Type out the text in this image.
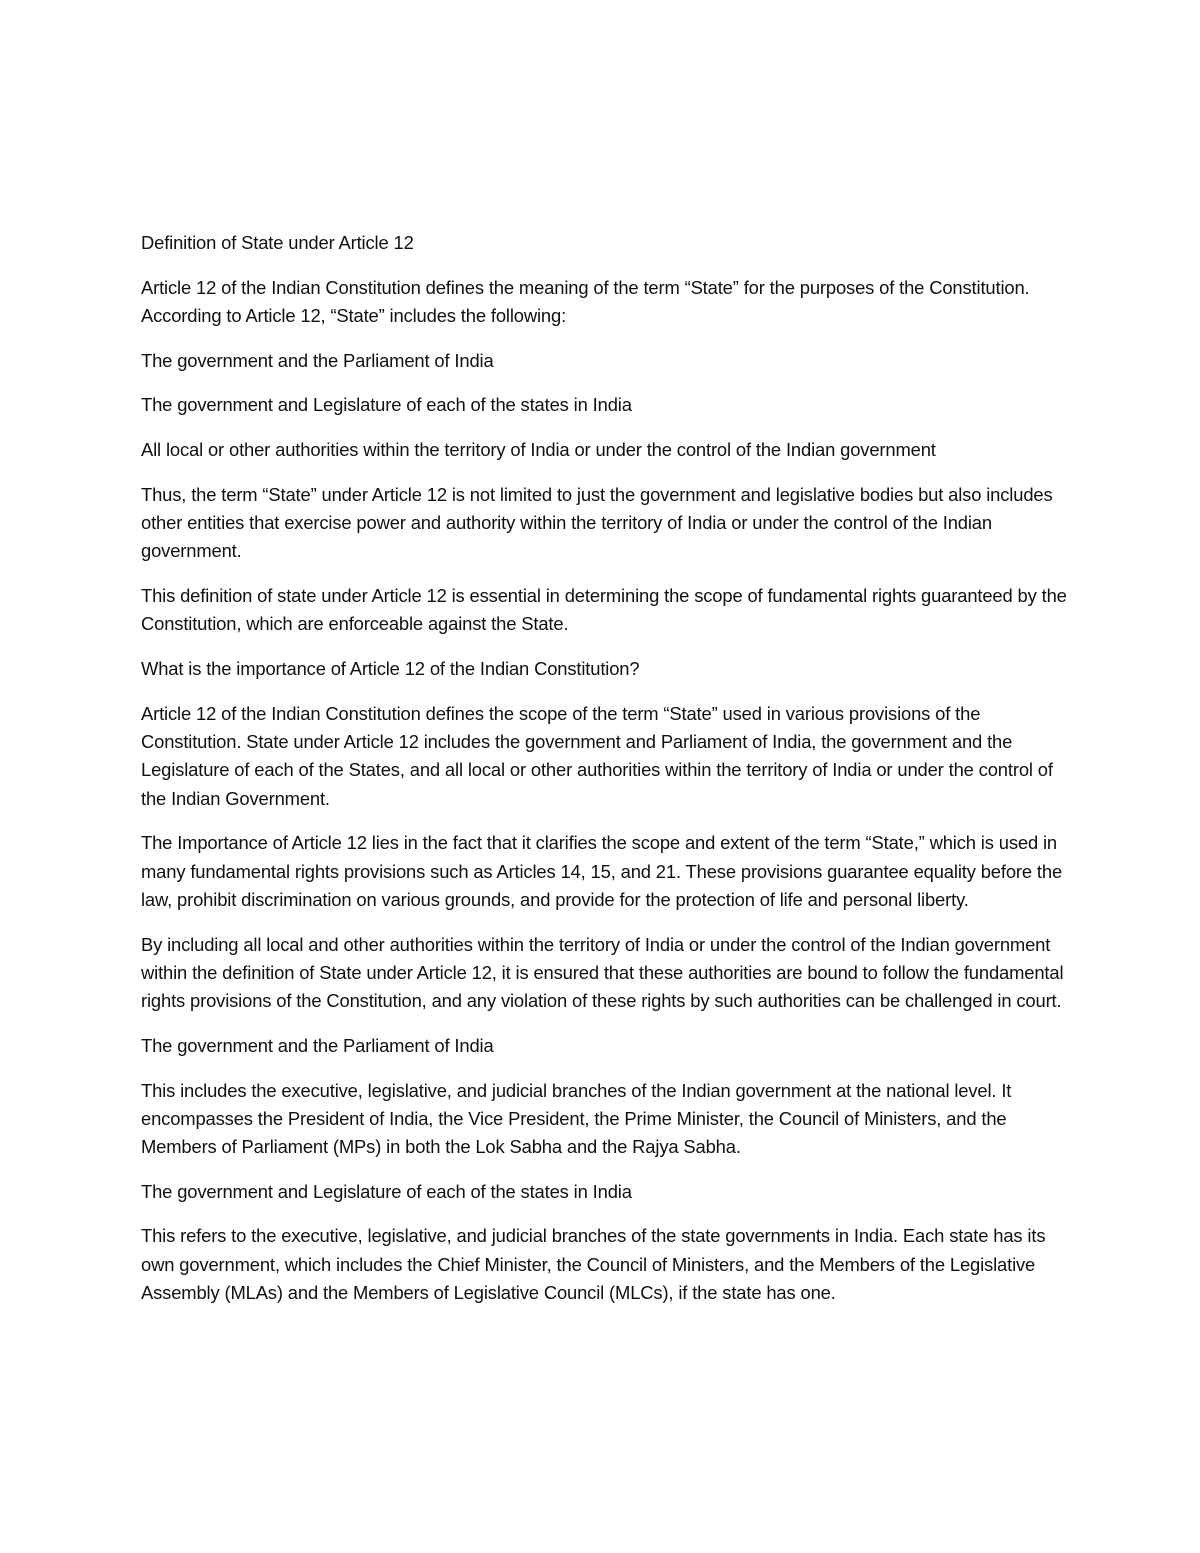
Definition of State under Article 12

Article 12 of the Indian Constitution defines the meaning of the term “State” for the purposes of the Constitution. According to Article 12, “State” includes the following:

The government and the Parliament of India

The government and Legislature of each of the states in India

All local or other authorities within the territory of India or under the control of the Indian government

Thus, the term “State” under Article 12 is not limited to just the government and legislative bodies but also includes other entities that exercise power and authority within the territory of India or under the control of the Indian government.

This definition of state under Article 12 is essential in determining the scope of fundamental rights guaranteed by the Constitution, which are enforceable against the State.

What is the importance of Article 12 of the Indian Constitution?

Article 12 of the Indian Constitution defines the scope of the term “State” used in various provisions of the Constitution. State under Article 12 includes the government and Parliament of India, the government and the Legislature of each of the States, and all local or other authorities within the territory of India or under the control of the Indian Government.

The Importance of Article 12 lies in the fact that it clarifies the scope and extent of the term “State,” which is used in many fundamental rights provisions such as Articles 14, 15, and 21. These provisions guarantee equality before the law, prohibit discrimination on various grounds, and provide for the protection of life and personal liberty.

By including all local and other authorities within the territory of India or under the control of the Indian government within the definition of State under Article 12, it is ensured that these authorities are bound to follow the fundamental rights provisions of the Constitution, and any violation of these rights by such authorities can be challenged in court.

The government and the Parliament of India

This includes the executive, legislative, and judicial branches of the Indian government at the national level. It encompasses the President of India, the Vice President, the Prime Minister, the Council of Ministers, and the Members of Parliament (MPs) in both the Lok Sabha and the Rajya Sabha.

The government and Legislature of each of the states in India

This refers to the executive, legislative, and judicial branches of the state governments in India. Each state has its own government, which includes the Chief Minister, the Council of Ministers, and the Members of the Legislative Assembly (MLAs) and the Members of Legislative Council (MLCs), if the state has one.
